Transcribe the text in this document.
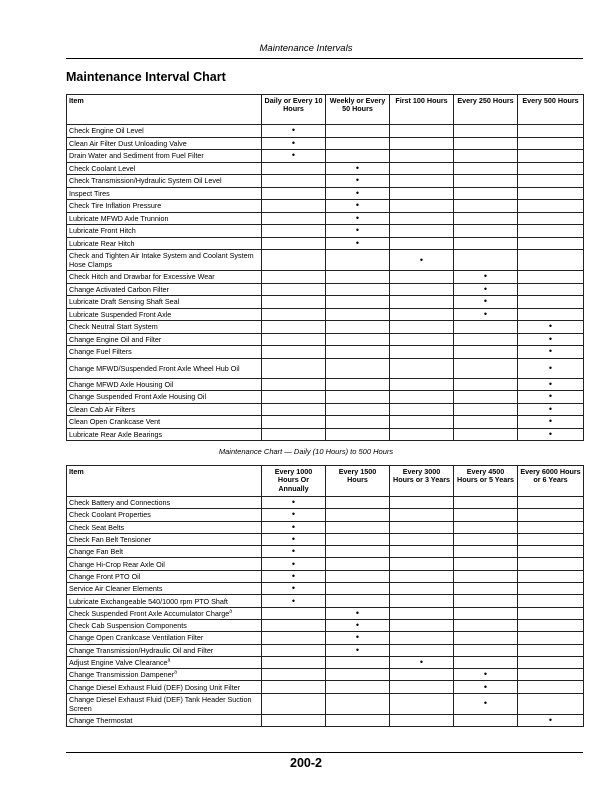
Maintenance Intervals
Maintenance Interval Chart
Item	Daily or Every 10 Hours	Weekly or Every 50 Hours	First 100 Hours	Every 250 Hours	Every 500 Hours
Check Engine Oil Level	•				
Clean Air Filter Dust Unloading Valve	•				
Drain Water and Sediment from Fuel Filter	•				
Check Coolant Level		•			
Check Transmission/Hydraulic System Oil Level		•			
Inspect Tires		•			
Check Tire Inflation Pressure		•			
Lubricate MFWD Axle Trunnion		•			
Lubricate Front Hitch		•			
Lubricate Rear Hitch		•			
Check and Tighten Air Intake System and Coolant System Hose Clamps			•		
Check Hitch and Drawbar for Excessive Wear				•	
Change Activated Carbon Filter				•	
Lubricate Draft Sensing Shaft Seal				•	
Lubricate Suspended Front Axle				•	
Check Neutral Start System					•
Change Engine Oil and Filter					•
Change Fuel Filters					•
Change MFWD/Suspended Front Axle Wheel Hub Oil					•
Change MFWD Axle Housing Oil					•
Change Suspended Front Axle Housing Oil					•
Clean Cab Air Filters					•
Clean Open Crankcase Vent					•
Lubricate Rear Axle Bearings					•
Maintenance Chart — Daily (10 Hours) to 500 Hours
Item	Every 1000 Hours Or Annually	Every 1500 Hours	Every 3000 Hours or 3 Years	Every 4500 Hours or 5 Years	Every 6000 Hours or 6 Years
Check Battery and Connections	•				
Check Coolant Properties	•				
Check Seat Belts	•				
Check Fan Belt Tensioner	•				
Change Fan Belt	•				
Change Hi-Crop Rear Axle Oil	•				
Change Front PTO Oil	•				
Service Air Cleaner Elements	•				
Lubricate Exchangeable 540/1000 rpm PTO Shaft	•				
Check Suspended Front Axle Accumulator Charge$^a$		•			
Check Cab Suspension Components		•			
Change Open Crankcase Ventilation Filter		•			
Change Transmission/Hydraulic Oil and Filter		•			
Adjust Engine Valve Clearance$^a$			•		
Change Transmission Dampener$^a$				•	
Change Diesel Exhaust Fluid (DEF) Dosing Unit Filter				•	
Change Diesel Exhaust Fluid (DEF) Tank Header Suction Screen				•	
Change Thermostat					•
200-2
